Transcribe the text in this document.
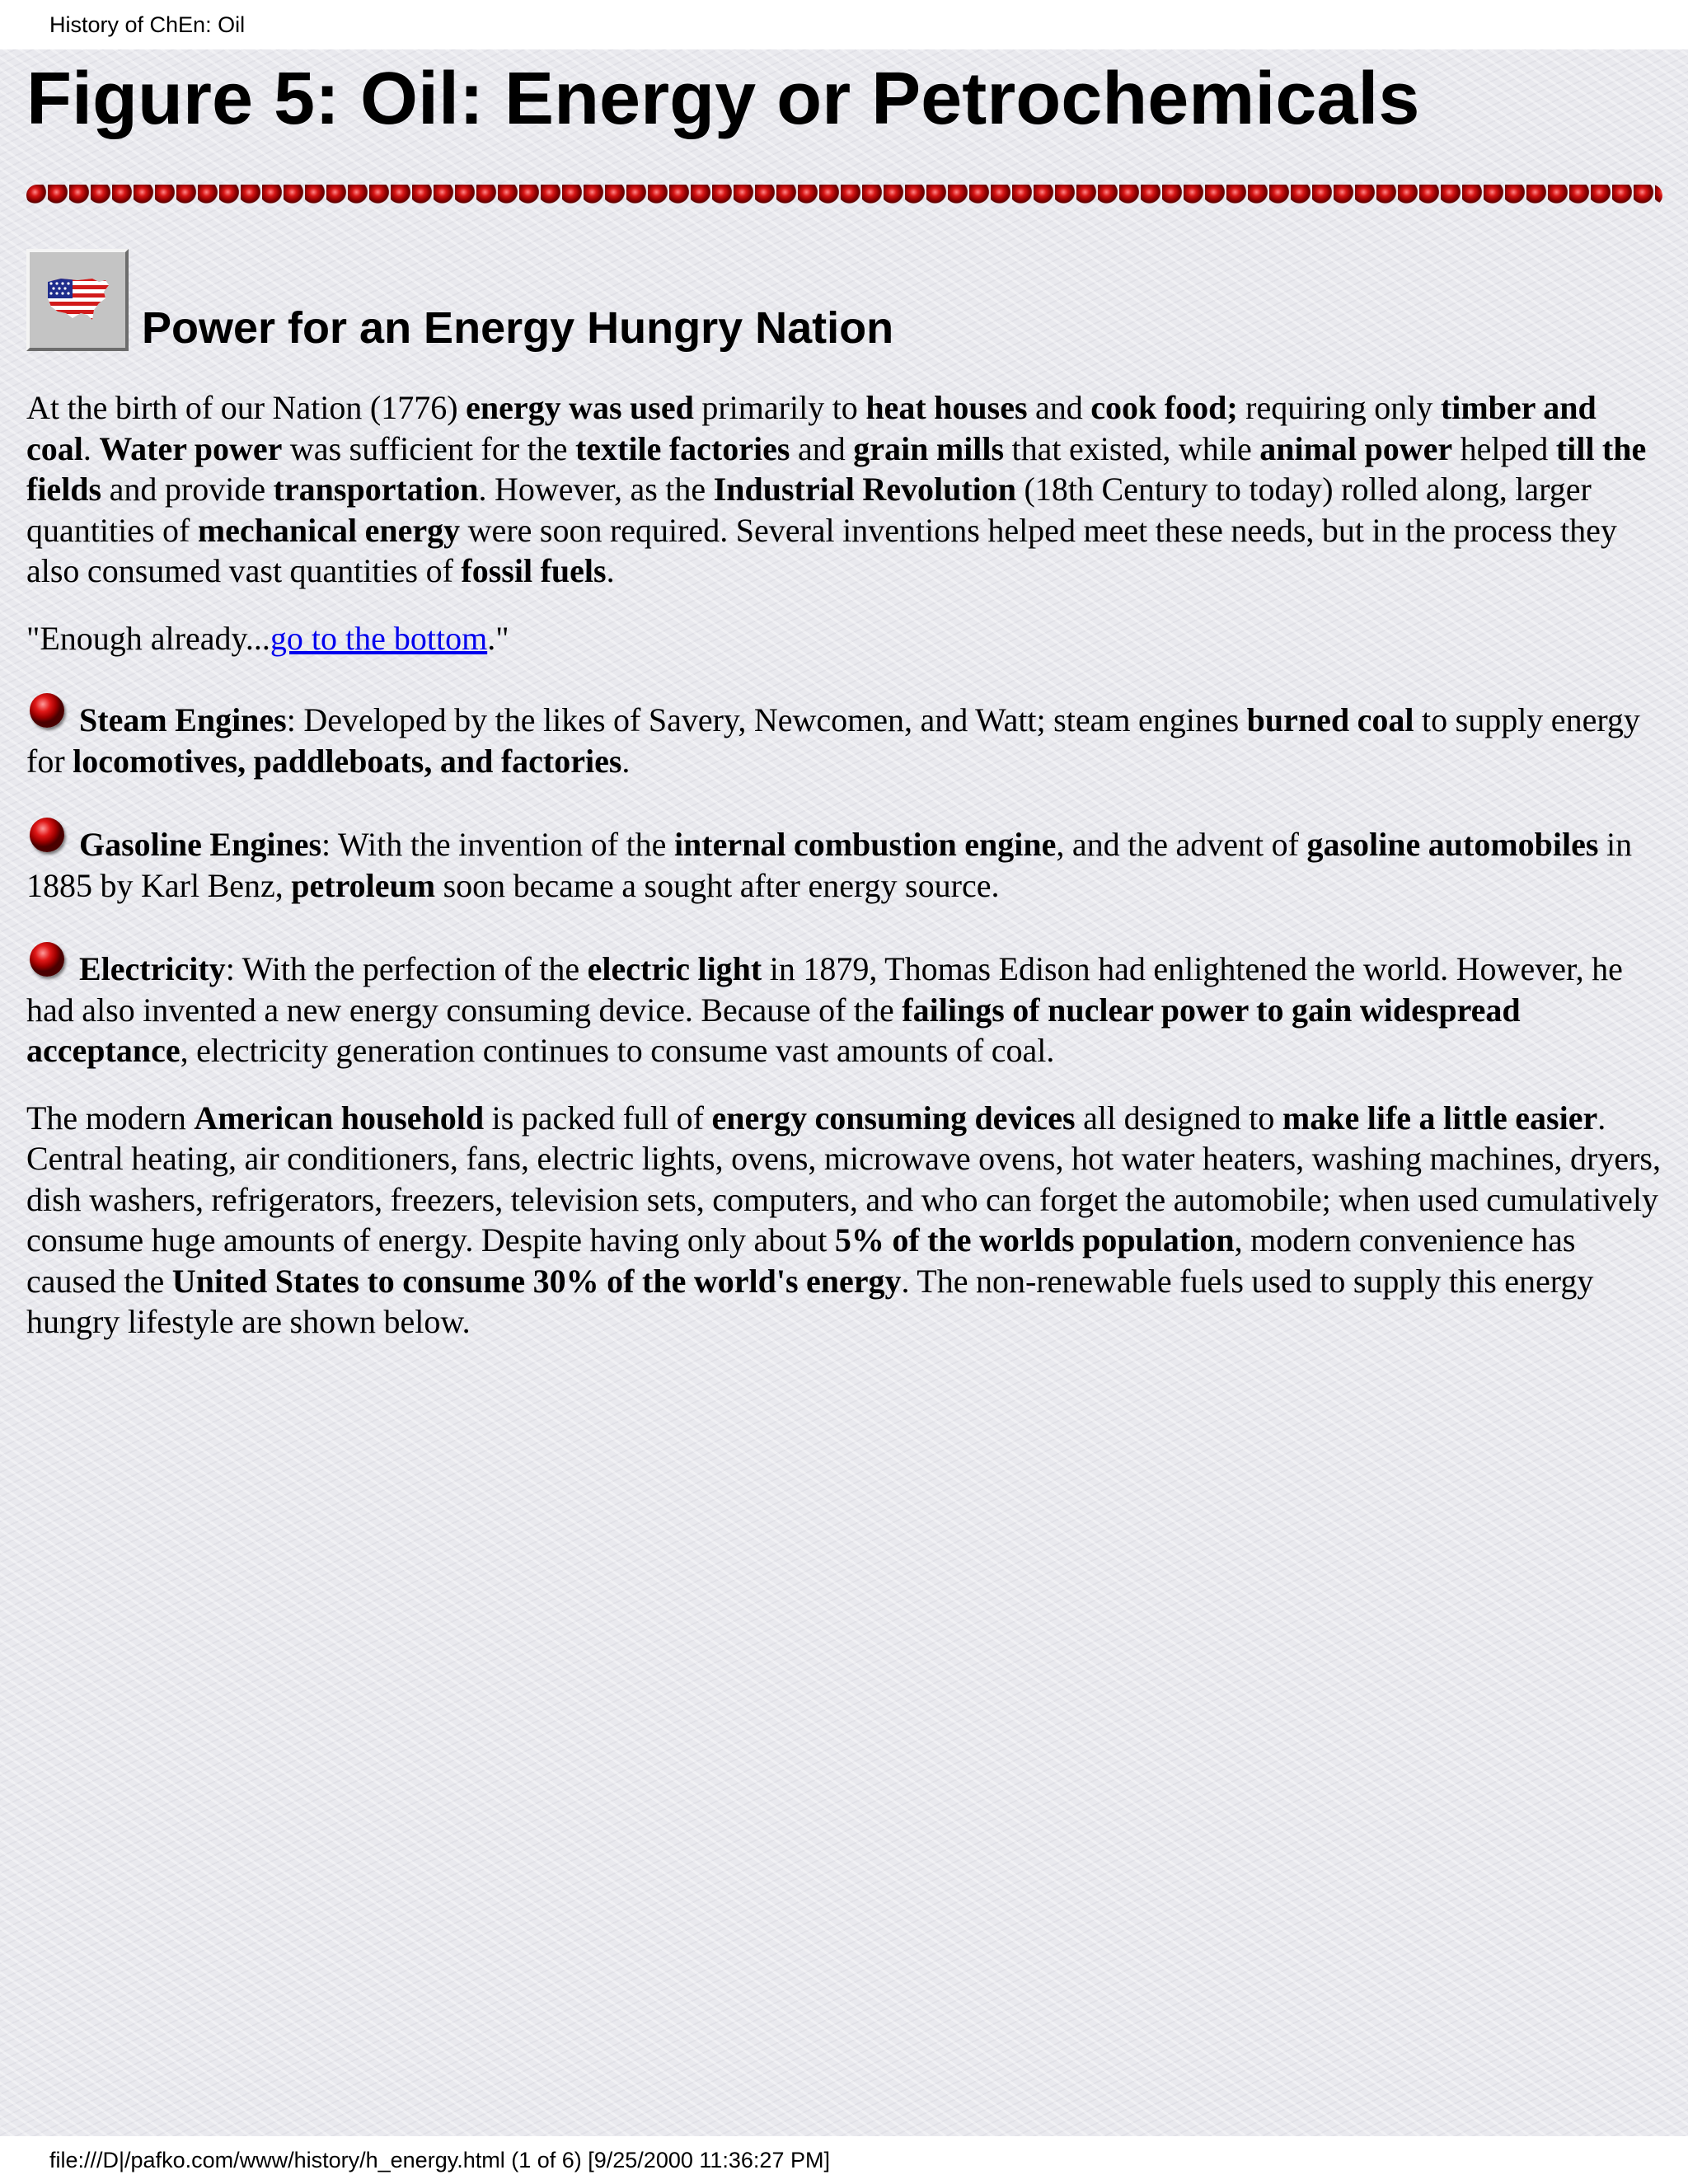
History of ChEn: Oil
Figure 5: Oil: Energy or Petrochemicals
Power for an Energy Hungry Nation

At the birth of our Nation (1776) energy was used primarily to heat houses and cook food; requiring only timber and coal. Water power was sufficient for the textile factories and grain mills that existed, while animal power helped till the fields and provide transportation. However, as the Industrial Revolution (18th Century to today) rolled along, larger quantities of mechanical energy were soon required. Several inventions helped meet these needs, but in the process they also consumed vast quantities of fossil fuels.

"Enough already...go to the bottom."

Steam Engines: Developed by the likes of Savery, Newcomen, and Watt; steam engines burned coal to supply energy for locomotives, paddleboats, and factories.

Gasoline Engines: With the invention of the internal combustion engine, and the advent of gasoline automobiles in 1885 by Karl Benz, petroleum soon became a sought after energy source.

Electricity: With the perfection of the electric light in 1879, Thomas Edison had enlightened the world. However, he had also invented a new energy consuming device. Because of the failings of nuclear power to gain widespread acceptance, electricity generation continues to consume vast amounts of coal.

The modern American household is packed full of energy consuming devices all designed to make life a little easier. Central heating, air conditioners, fans, electric lights, ovens, microwave ovens, hot water heaters, washing machines, dryers, dish washers, refrigerators, freezers, television sets, computers, and who can forget the automobile; when used cumulatively consume huge amounts of energy. Despite having only about 5% of the worlds population, modern convenience has caused the United States to consume 30% of the world's energy. The non-renewable fuels used to supply this energy hungry lifestyle are shown below.

file:///D|/pafko.com/www/history/h_energy.html (1 of 6) [9/25/2000 11:36:27 PM]
